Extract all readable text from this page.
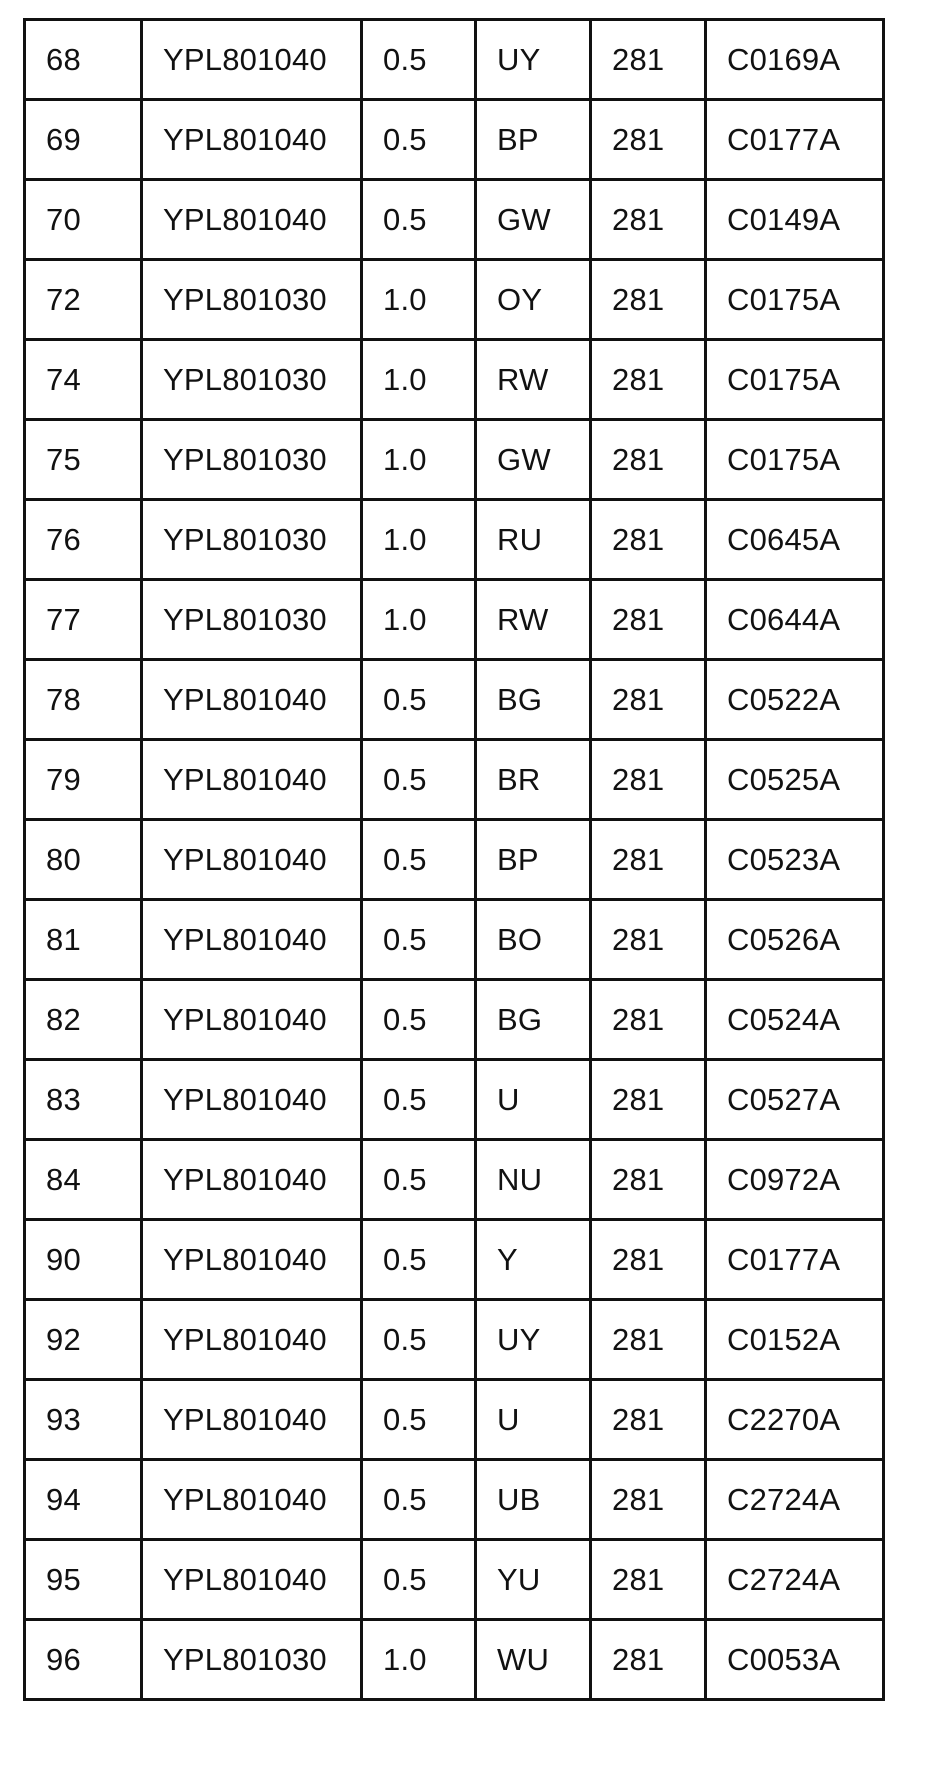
68	YPL801040	0.5	UY	281	C0169A
69	YPL801040	0.5	BP	281	C0177A
70	YPL801040	0.5	GW	281	C0149A
72	YPL801030	1.0	OY	281	C0175A
74	YPL801030	1.0	RW	281	C0175A
75	YPL801030	1.0	GW	281	C0175A
76	YPL801030	1.0	RU	281	C0645A
77	YPL801030	1.0	RW	281	C0644A
78	YPL801040	0.5	BG	281	C0522A
79	YPL801040	0.5	BR	281	C0525A
80	YPL801040	0.5	BP	281	C0523A
81	YPL801040	0.5	BO	281	C0526A
82	YPL801040	0.5	BG	281	C0524A
83	YPL801040	0.5	U	281	C0527A
84	YPL801040	0.5	NU	281	C0972A
90	YPL801040	0.5	Y	281	C0177A
92	YPL801040	0.5	UY	281	C0152A
93	YPL801040	0.5	U	281	C2270A
94	YPL801040	0.5	UB	281	C2724A
95	YPL801040	0.5	YU	281	C2724A
96	YPL801030	1.0	WU	281	C0053A
